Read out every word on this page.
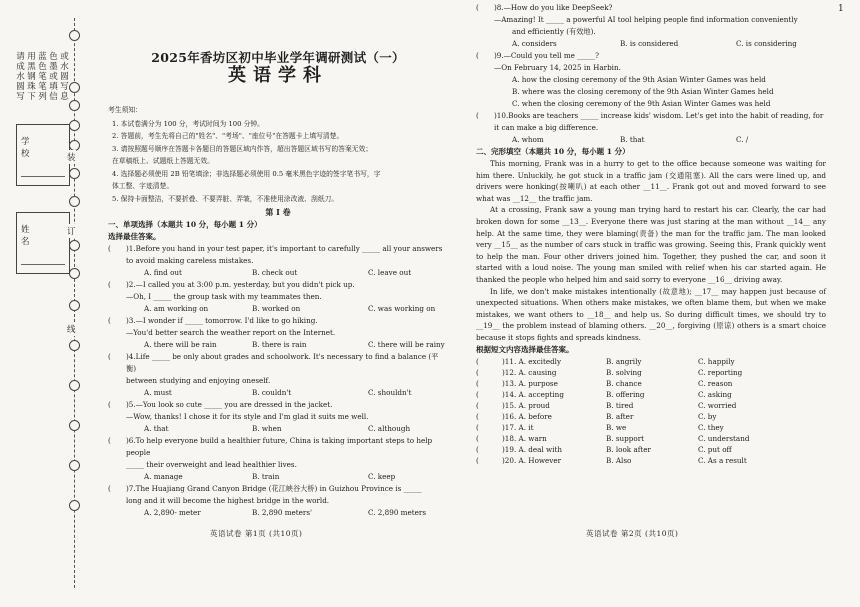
请成水圆写
用黑钢珠下
蓝色笔笔列
色墨或填信
或水圆写息
学校
姓名
装
订
线
1
2025年香坊区初中毕业学年调研测试（一）
英语学科
考生须知：
1. 本试卷满分为 100 分，考试时间为 100 分钟。
2. 答题前，考生先将自己的"姓名"、"考场"、"座位号"在答题卡上填写清楚。
3. 请按照题号顺序在答题卡各题目的答题区域内作答，超出答题区域书写的答案无效；
在草稿纸上、试题纸上答题无效。
4. 选择题必须使用 2B 铅笔填涂；非选择题必须使用 0.5 毫米黑色字迹的签字笔书写，字
体工整、字迹清楚。
5. 保持卡面整洁，不要折叠、不要弄脏、弄皱，不准使用涂改液、刮纸刀。
第 Ⅰ 卷
一、单项选择（本题共 10 分，每小题 1 分）
选择最佳答案。
( )1.Before you hand in your test paper, it's important to carefully _____ all your answers
to avoid making careless mistakes.
A. find out	B. check out	C. leave out
( )2.—I called you at 3:00 p.m. yesterday, but you didn't pick up.
—Oh, I _____ the group task with my teammates then.
A. am working on	B. worked on	C. was working on
( )3.—I wonder if _____ tomorrow. I'd like to go hiking.
—You'd better search the weather report on the Internet.
A. there will be rain	B. there is rain	C. there will be rainy
( )4.Life _____ be only about grades and schoolwork. It's necessary to find a balance (平衡)
between studying and enjoying oneself.
A. must	B. couldn't	C. shouldn't
( )5.—You look so cute _____ you are dressed in the jacket.
—Wow, thanks! I chose it for its style and I'm glad it suits me well.
A. that	B. when	C. although
( )6.To help everyone build a healthier future, China is taking important steps to help people
_____ their overweight and lead healthier lives.
A. manage	B. train	C. keep
( )7.The Huajiang Grand Canyon Bridge (花江峡谷大桥) in Guizhou Province is _____
long and it will become the highest bridge in the world.
A. 2,890- meter	B. 2,890 meters'	C. 2,890 meters
英语试卷 第1页 (共10页)
( )8.—How do you like DeepSeek?
—Amazing! It _____ a powerful AI tool helping people find information conveniently
and efficiently (有效地).
A. considers	B. is considered	C. is considering
( )9.—Could you tell me _____?
—On February 14, 2025 in Harbin.
A. how the closing ceremony of the 9th Asian Winter Games was held
B. where was the closing ceremony of the 9th Asian Winter Games held
C. when the closing ceremony of the 9th Asian Winter Games was held
( )10.Books are teachers _____ increase kids' wisdom. Let's get into the habit of reading, for
it can make a big difference.
A. whom	B. that	C. /
二、完形填空（本题共 10 分，每小题 1 分）

This morning, Frank was in a hurry to get to the office because someone was waiting for him there. Unluckily, he got stuck in a traffic jam (交通阻塞). All the cars were lined up, and drivers were honking(按喇叭) at each other __11__. Frank got out and moved forward to see what was __12__ the traffic jam.

At a crossing, Frank saw a young man trying hard to restart his car. Clearly, the car had broken down for some __13__. Everyone there was just staring at the man without __14__ any help. At the same time, they were blaming(责备) the man for the traffic jam. The man looked very __15__ as the number of cars stuck in traffic was growing. Seeing this, Frank quickly went to help the man. Four other drivers joined him. Together, they pushed the car, and soon it started with a loud noise. The young man smiled with relief when his car started again. He thanked the people who helped him and said sorry to everyone __16__ driving away.

In life, we don't make mistakes intentionally (故意地); __17__ may happen just because of unexpected situations. When others make mistakes, we often blame them, but when we make mistakes, we want others to __18__ and help us. So during difficult times, we should try to __19__ the problem instead of blaming others. __20__, forgiving (原谅) others is a smart choice because it stops fights and spreads kindness.

根据短文内容选择最佳答案。
(	)11. A. excitedly	B. angrily	C. happily
(	)12. A. causing	B. solving	C. reporting
(	)13. A. purpose	B. chance	C. reason
(	)14. A. accepting	B. offering	C. asking
(	)15. A. proud	B. tired	C. worried
(	)16. A. before	B. after	C. by
(	)17. A. it	B. we	C. they
(	)18. A. warn	B. support	C. understand
(	)19. A. deal with	B. look after	C. put off
(	)20. A. However	B. Also	C. As a result
英语试卷 第2页 (共10页)
